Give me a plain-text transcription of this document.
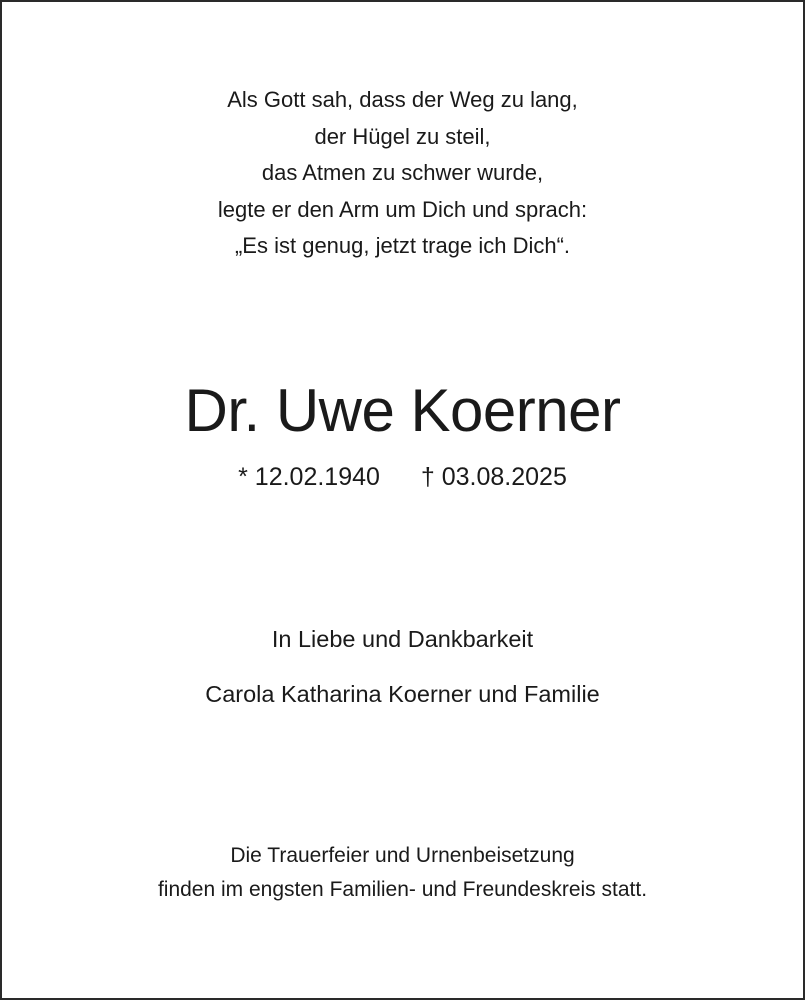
Als Gott sah, dass der Weg zu lang,
der Hügel zu steil,
das Atmen zu schwer wurde,
legte er den Arm um Dich und sprach:
„Es ist genug, jetzt trage ich Dich“.
Dr. Uwe Koerner
* 12.02.1940 † 03.08.2025
In Liebe und Dankbarkeit
Carola Katharina Koerner und Familie
Die Trauerfeier und Urnenbeisetzung
finden im engsten Familien- und Freundeskreis statt.
